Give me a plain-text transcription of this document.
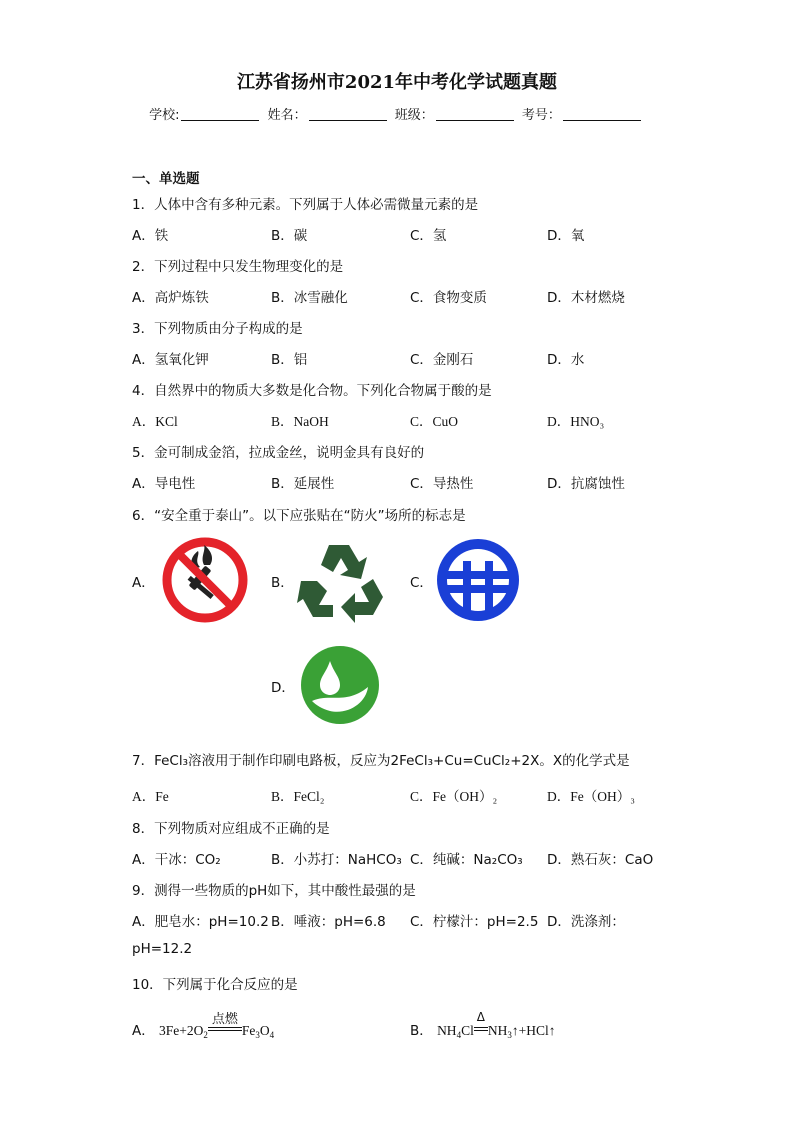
江苏省扬州市2021年中考化学试题真题
学校:	姓名：	班级：	考号：
一、单选题
1．人体中含有多种元素。下列属于人体必需微量元素的是
A．铁	B．碳	C．氢	D．氧
2．下列过程中只发生物理变化的是
A．高炉炼铁	B．冰雪融化	C．食物变质	D．木材燃烧
3．下列物质由分子构成的是
A．氢氧化钾	B．铝	C．金刚石	D．水
4．自然界中的物质大多数是化合物。下列化合物属于酸的是
A．KCl	B．NaOH	C．CuO	D．HNO₃
5．金可制成金箔，拉成金丝，说明金具有良好的
A．导电性	B．延展性	C．导热性	D．抗腐蚀性
6．“安全重于泰山”。以下应张贴在“防火”场所的标志是
A．	B．	C．
D．
7．FeCl₃溶液用于制作印刷电路板，反应为2FeCl₃+Cu=CuCl₂+2X。X的化学式是
A．Fe	B．FeCl₂	C．Fe（OH）₂	D．Fe（OH）₃
8．下列物质对应组成不正确的是
A．干冰：CO₂	B．小苏打：NaHCO₃ C．纯碱：Na₂CO₃ D．熟石灰：CaO
9．测得一些物质的pH如下，其中酸性最强的是
A．肥皂水：pH=10.2 B．唾液：pH=6.8 C．柠檬汁：pH=2.5 D．洗涤剂：
pH=12.2
10．下列属于化合反应的是
A． $3Fe+2O_2$
点燃
$Fe_3O_4$	B． $NH_4Cl$
Δ
$NH_3↑+HCl↑$
